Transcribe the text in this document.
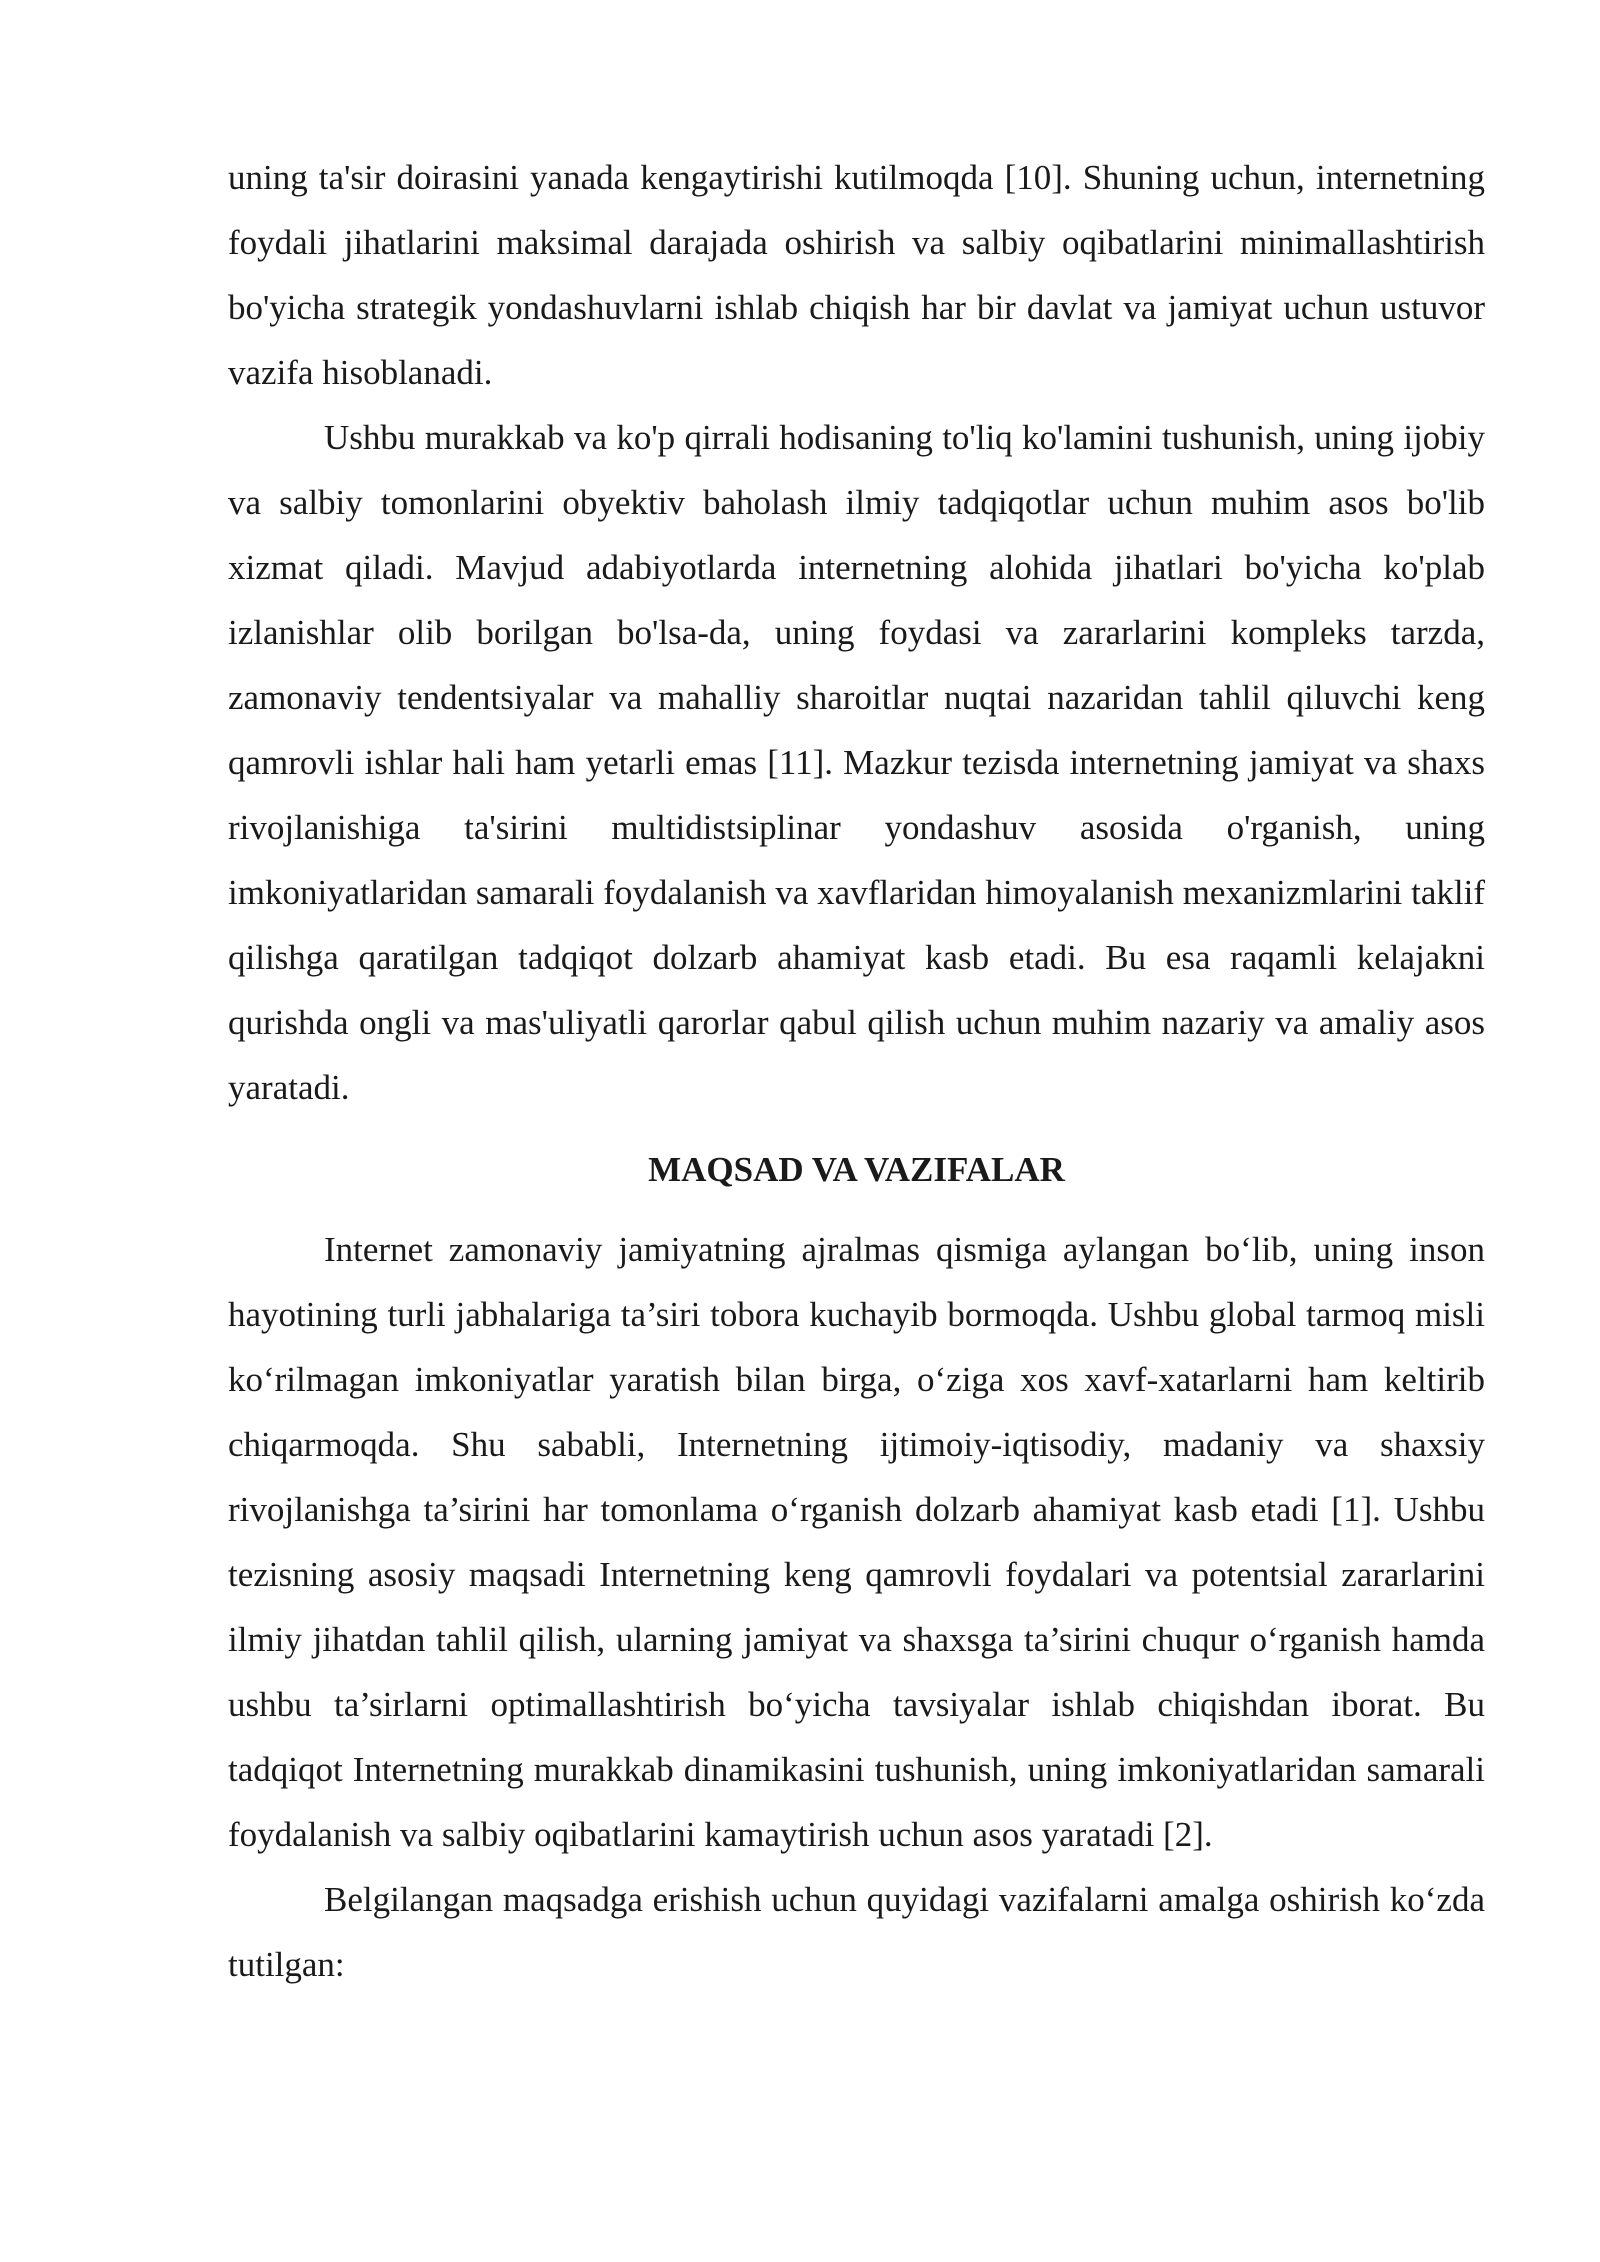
uning ta'sir doirasini yanada kengaytirishi kutilmoqda [10]. Shuning uchun, internetning foydali jihatlarini maksimal darajada oshirish va salbiy oqibatlarini minimallashtirish bo'yicha strategik yondashuvlarni ishlab chiqish har bir davlat va jamiyat uchun ustuvor vazifa hisoblanadi.

Ushbu murakkab va ko'p qirrali hodisaning to'liq ko'lamini tushunish, uning ijobiy va salbiy tomonlarini obyektiv baholash ilmiy tadqiqotlar uchun muhim asos bo'lib xizmat qiladi. Mavjud adabiyotlarda internetning alohida jihatlari bo'yicha ko'plab izlanishlar olib borilgan bo'lsa-da, uning foydasi va zararlarini kompleks tarzda, zamonaviy tendentsiyalar va mahalliy sharoitlar nuqtai nazaridan tahlil qiluvchi keng qamrovli ishlar hali ham yetarli emas [11]. Mazkur tezisda internetning jamiyat va shaxs rivojlanishiga ta'sirini multidistsiplinar yondashuv asosida o'rganish, uning imkoniyatlaridan samarali foydalanish va xavflaridan himoyalanish mexanizmlarini taklif qilishga qaratilgan tadqiqot dolzarb ahamiyat kasb etadi. Bu esa raqamli kelajakni qurishda ongli va mas'uliyatli qarorlar qabul qilish uchun muhim nazariy va amaliy asos yaratadi.

MAQSAD VA VAZIFALAR

Internet zamonaviy jamiyatning ajralmas qismiga aylangan bo‘lib, uning inson hayotining turli jabhalariga ta’siri tobora kuchayib bormoqda. Ushbu global tarmoq misli ko‘rilmagan imkoniyatlar yaratish bilan birga, o‘ziga xos xavf-xatarlarni ham keltirib chiqarmoqda. Shu sababli, Internetning ijtimoiy-iqtisodiy, madaniy va shaxsiy rivojlanishga ta’sirini har tomonlama o‘rganish dolzarb ahamiyat kasb etadi [1]. Ushbu tezisning asosiy maqsadi Internetning keng qamrovli foydalari va potentsial zararlarini ilmiy jihatdan tahlil qilish, ularning jamiyat va shaxsga ta’sirini chuqur o‘rganish hamda ushbu ta’sirlarni optimallashtirish bo‘yicha tavsiyalar ishlab chiqishdan iborat. Bu tadqiqot Internetning murakkab dinamikasini tushunish, uning imkoniyatlaridan samarali foydalanish va salbiy oqibatlarini kamaytirish uchun asos yaratadi [2].

Belgilangan maqsadga erishish uchun quyidagi vazifalarni amalga oshirish ko‘zda tutilgan:
